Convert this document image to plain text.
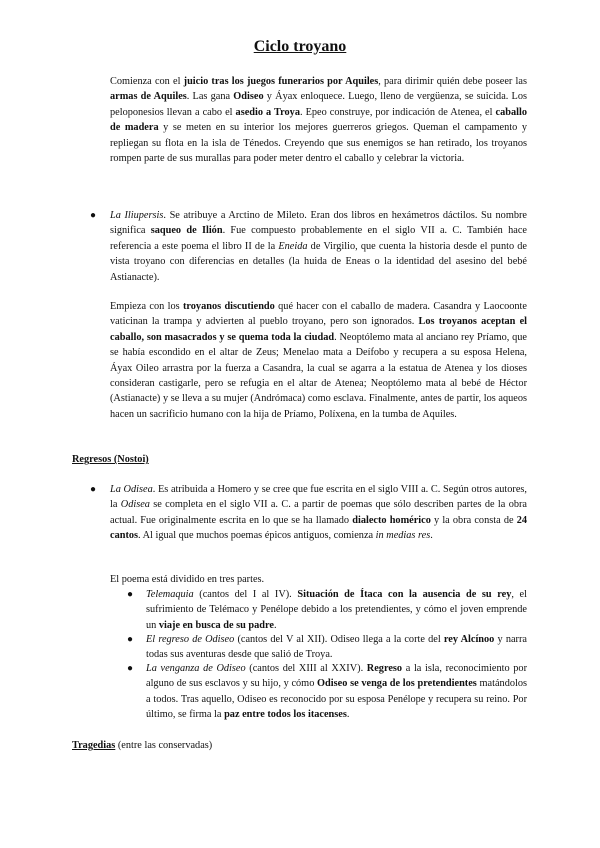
Ciclo troyano

Comienza con el juicio tras los juegos funerarios por Aquiles, para dirimir quién debe poseer las armas de Aquiles. Las gana Odiseo y Áyax enloquece. Luego, lleno de vergüenza, se suicida. Los peloponesios llevan a cabo el asedio a Troya. Epeo construye, por indicación de Atenea, el caballo de madera y se meten en su interior los mejores guerreros griegos. Queman el campamento y repliegan su flota en la isla de Ténedos. Creyendo que sus enemigos se han retirado, los troyanos rompen parte de sus murallas para poder meter dentro el caballo y celebrar la victoria.

● La Iliupersis. Se atribuye a Arctino de Mileto. Eran dos libros en hexámetros dáctilos. Su nombre significa saqueo de Ilión. Fue compuesto probablemente en el siglo VII a. C. También hace referencia a este poema el libro II de la Eneida de Virgilio, que cuenta la historia desde el punto de vista troyano con diferencias en detalles (la huida de Eneas o la identidad del asesino del bebé Astianacte).

Empieza con los troyanos discutiendo qué hacer con el caballo de madera. Casandra y Laocoonte vaticinan la trampa y advierten al pueblo troyano, pero son ignorados. Los troyanos aceptan el caballo, son masacrados y se quema toda la ciudad. Neoptólemo mata al anciano rey Príamo, que se había escondido en el altar de Zeus; Menelao mata a Deífobo y recupera a su esposa Helena, Áyax Oileo arrastra por la fuerza a Casandra, la cual se agarra a la estatua de Atenea y los dioses consideran castigarle, pero se refugia en el altar de Atenea; Neoptólemo mata al bebé de Héctor (Astianacte) y se lleva a su mujer (Andrómaca) como esclava. Finalmente, antes de partir, los aqueos hacen un sacrificio humano con la hija de Príamo, Políxena, en la tumba de Aquiles.

Regresos (Nostoi)

● La Odisea. Es atribuida a Homero y se cree que fue escrita en el siglo VIII a. C. Según otros autores, la Odisea se completa en el siglo VII a. C. a partir de poemas que sólo describen partes de la obra actual. Fue originalmente escrita en lo que se ha llamado dialecto homérico y la obra consta de 24 cantos. Al igual que muchos poemas épicos antiguos, comienza in medias res.

El poema está dividido en tres partes.

● Telemaquia (cantos del I al IV). Situación de Ítaca con la ausencia de su rey, el sufrimiento de Telémaco y Penélope debido a los pretendientes, y cómo el joven emprende un viaje en busca de su padre.

● El regreso de Odiseo (cantos del V al XII). Odiseo llega a la corte del rey Alcínoo y narra todas sus aventuras desde que salió de Troya.

● La venganza de Odiseo (cantos del XIII al XXIV). Regreso a la isla, reconocimiento por alguno de sus esclavos y su hijo, y cómo Odiseo se venga de los pretendientes matándolos a todos. Tras aquello, Odiseo es reconocido por su esposa Penélope y recupera su reino. Por último, se firma la paz entre todos los itacenses.

Tragedias (entre las conservadas)
